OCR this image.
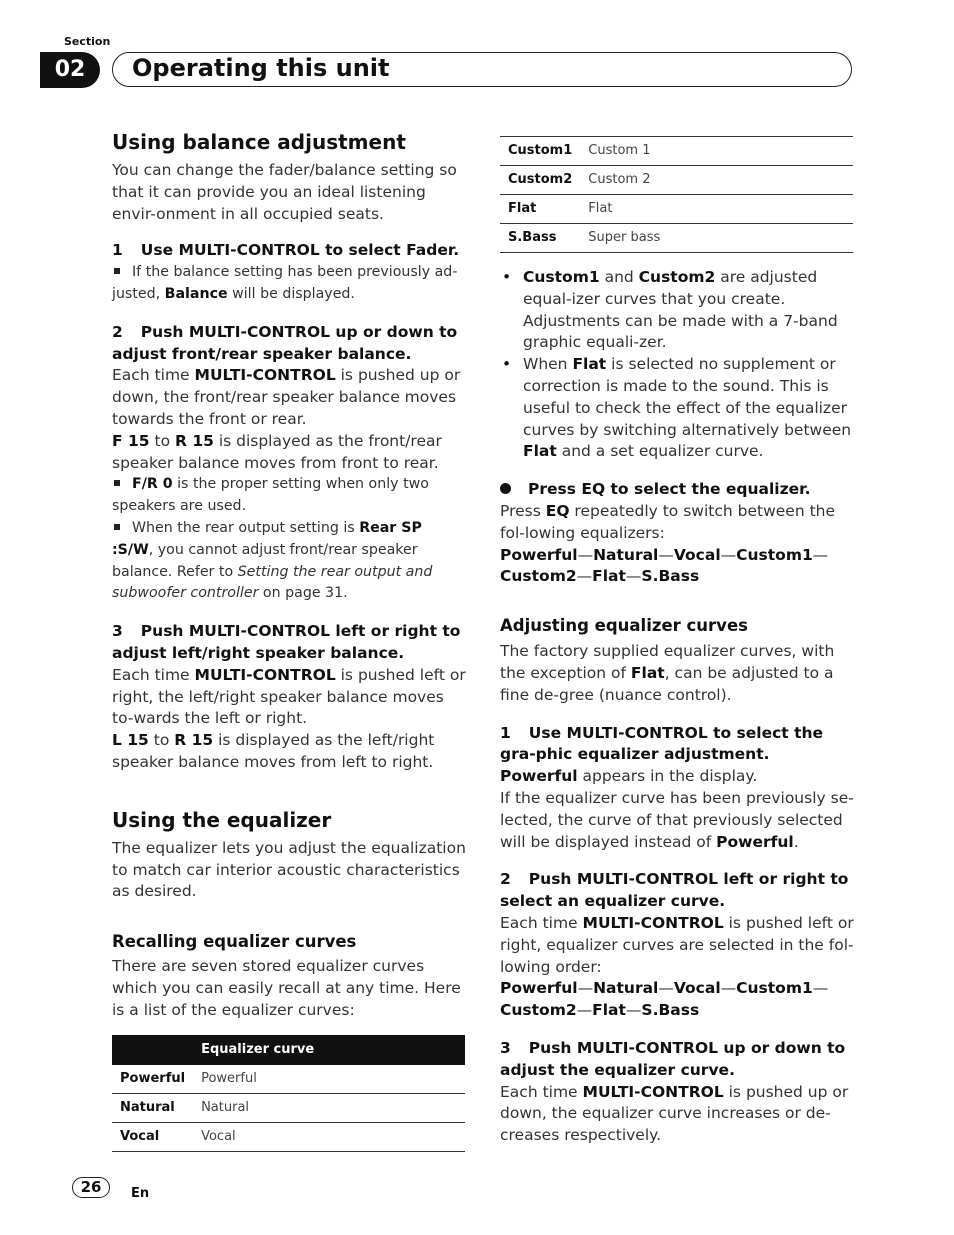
Section
02	Operating this unit
Using balance adjustment

You can change the fader/balance setting so that it can provide you an ideal listening envir-onment in all occupied seats.

1 Use MULTI-CONTROL to select Fader.
If the balance setting has been previously ad-justed, Balance will be displayed.
2 Push MULTI-CONTROL up or down to adjust front/rear speaker balance.

Each time MULTI-CONTROL is pushed up or down, the front/rear speaker balance moves towards the front or rear.

F 15 to R 15 is displayed as the front/rear speaker balance moves from front to rear.

F/R 0 is the proper setting when only two speakers are used.
When the rear output setting is Rear SP :S/W, you cannot adjust front/rear speaker balance. Refer to Setting the rear output and subwoofer controller on page 31.
3 Push MULTI-CONTROL left or right to adjust left/right speaker balance.

Each time MULTI-CONTROL is pushed left or right, the left/right speaker balance moves to-wards the left or right.

L 15 to R 15 is displayed as the left/right speaker balance moves from left to right.

Using the equalizer

The equalizer lets you adjust the equalization to match car interior acoustic characteristics as desired.

Recalling equalizer curves

There are seven stored equalizer curves which you can easily recall at any time. Here is a list of the equalizer curves:

Display	Equalizer curve
Powerful	Powerful
Natural	Natural
Vocal	Vocal
Custom1	Custom 1
Custom2	Custom 2
Flat	Flat
S.Bass	Super bass
• Custom1 and Custom2 are adjusted equal-izer curves that you create. Adjustments can be made with a 7-band graphic equali-zer.
• When Flat is selected no supplement or correction is made to the sound. This is useful to check the effect of the equalizer curves by switching alternatively between Flat and a set equalizer curve.
Press EQ to select the equalizer.

Press EQ repeatedly to switch between the fol-lowing equalizers:

Powerful—Natural—Vocal—Custom1—
Custom2—Flat—S.Bass

Adjusting equalizer curves

The factory supplied equalizer curves, with the exception of Flat, can be adjusted to a fine de-gree (nuance control).

1 Use MULTI-CONTROL to select the gra-phic equalizer adjustment.

Powerful appears in the display.

If the equalizer curve has been previously se-lected, the curve of that previously selected will be displayed instead of Powerful.

2 Push MULTI-CONTROL left or right to select an equalizer curve.

Each time MULTI-CONTROL is pushed left or right, equalizer curves are selected in the fol-lowing order:

Powerful—Natural—Vocal—Custom1—
Custom2—Flat—S.Bass

3 Push MULTI-CONTROL up or down to adjust the equalizer curve.

Each time MULTI-CONTROL is pushed up or down, the equalizer curve increases or de-creases respectively.

26	En
